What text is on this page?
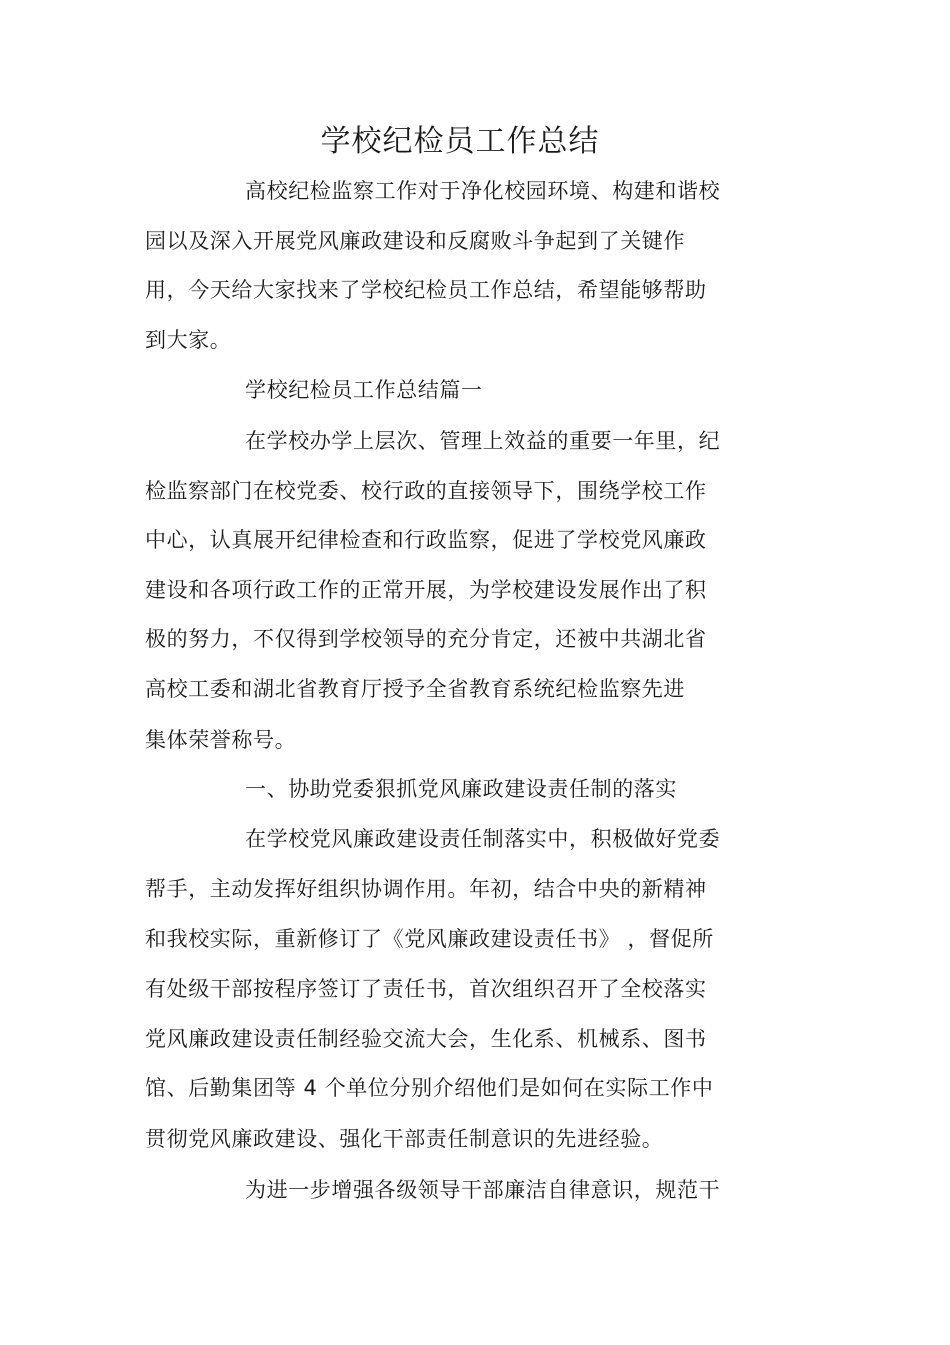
学校纪检员工作总结
高校纪检监察工作对于净化校园环境、构建和谐校
园以及深入开展党风廉政建设和反腐败斗争起到了关键作
用，今天给大家找来了学校纪检员工作总结，希望能够帮助
到大家。
学校纪检员工作总结篇一
在学校办学上层次、管理上效益的重要一年里，纪
检监察部门在校党委、校行政的直接领导下，围绕学校工作
中心，认真展开纪律检查和行政监察，促进了学校党风廉政
建设和各项行政工作的正常开展，为学校建设发展作出了积
极的努力，不仅得到学校领导的充分肯定，还被中共湖北省
高校工委和湖北省教育厅授予全省教育系统纪检监察先进
集体荣誉称号。
一、协助党委狠抓党风廉政建设责任制的落实
在学校党风廉政建设责任制落实中，积极做好党委
帮手，主动发挥好组织协调作用。年初，结合中央的新精神
和我校实际，重新修订了《党风廉政建设责任书》 ，督促所
有处级干部按程序签订了责任书，首次组织召开了全校落实
党风廉政建设责任制经验交流大会，生化系、机械系、图书
馆、后勤集团等 4 个单位分别介绍他们是如何在实际工作中
贯彻党风廉政建设、强化干部责任制意识的先进经验。
为进一步增强各级领导干部廉洁自律意识，规范干
